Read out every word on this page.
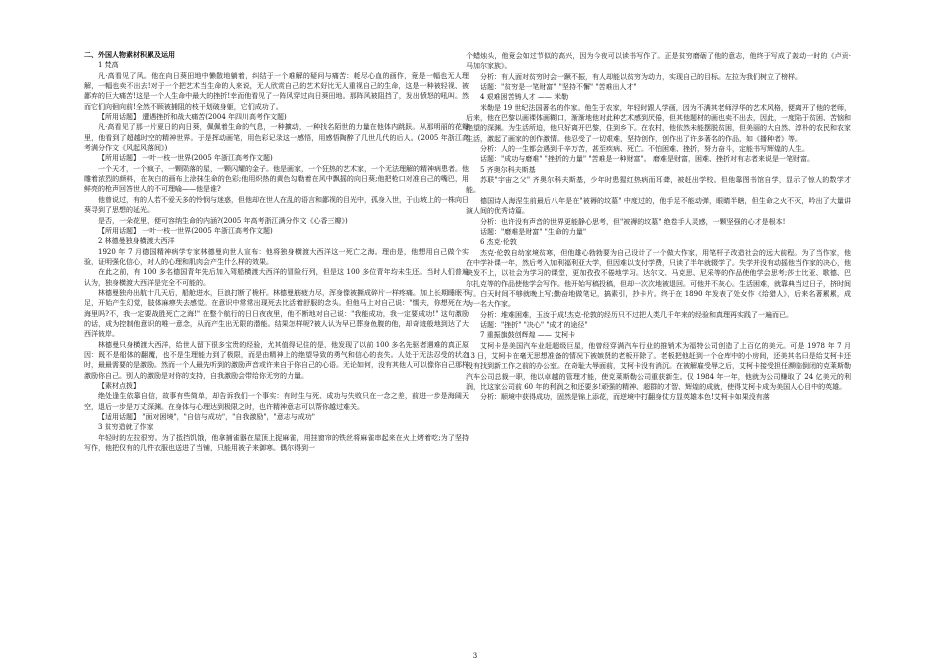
二、外国人物素材积累及运用

1 梵高

凡·高看见了风。他在向日葵田地中懒散地躺着，纠结于一个难解的疑问与痛苦：耗尽心血的画作，竟是一幅也无人理解，一幅也卖不出去!对于一个把艺术当生命的人来说，无人欣赏自己的艺术好比无人重视自己的生命，这是一种被轻视、被鄙弃的巨大痛苦!这是一个人生命中最大的挫折!幸而他看见了一阵风穿过向日葵田地。那阵风被阻挡了，发出愤怒的吼叫。然而它们向徊向前!全然不顾被捕阻的枝干划破身躯，它们成功了。

【所用话题】 遭遇挫折和战大痛苦(2004 年四川高考作文题)

凡·高看见了那一片夏日的向日葵，佩佩着生命的气息，一种擴动，一种找名陌世的力量在他体内跳跃。从那明丽的花瓣里，他看到了超越时空的精神世界。于是挥动画笔，用色彩记录这一感悟，用感悟陶醉了几世几代的后人。(2005 年浙江高考满分作文《风起风落间》)

【所用话题】 一叶一枝一世界(2005 年浙江高考作文题)

一个天才，一个疯子，一颗陨落的星，一颗闪耀的金子。他是画家，一个狂热的艺术家，一个无法理解的精神病患者。他雕着浓烈的颜料，在灰白的画布上涂抹生命的色彩;他用炽热的黄色勾勒着在风中飘摇的向日葵;他把枪口对准自己的嘴巴，用鲜亮的枪声回答世人的不可理喻——他是谁?

他曾说过，有的人若不爱天多的怜悯与迷惑，但他却在世人在乱的语言和鄙视的目光中，孤身入世，于山坡上的一株向日葵寻到了思想的延光。

是否，一朵花里，便可容纳生命的内涵?(2005 年高考浙江满分作文《心香三瓣》)

【所用话题】 一叶一枝一世界(2005 年浙江高考作文题)

2 林德曼独身横渡大西洋

1920 年 7 月德国精神病学专家林德曼向世人宣布：他将独身横渡大西洋这一死亡之海。理由是，他想用自己做个实验，证明强化信心，对人的心理和肌肉会产生什么样的效果。

在此之前，有 100 多名德国青年先后加入驾船横渡大西洋的冒险行列，但是这 100 多位青年均未生还。当时人们普遍认为，独身横渡大西洋是完全不可能的。

林德曼独舟出航十几天后，船舱进水，巨浪打断了桅杆。林德曼筋疲力尽，浑身像被撕成碎片一样疼痛。加上长期睡眠不足，开始产生幻觉，肢体麻痹失去感觉。在意识中常常出现死去比活着舒服的念头。但他马上对自己说："懦夫，你想死在大海里吗?不，我一定要战胜死亡之海!" 在整个航行的日日夜夜里，他不断地对自己说："我能成功，我一定要成功!" 这句激励的话，成为控制他意识的唯一意念，从而产生出无限的潜能。结果怎样呢?被人认为早已葬身鱼腹的他，却奇迹般地到达了大西洋彼岸。

林德曼只身横渡大西洋，给世人留下很多宝贵的经验，尤其值得记住的是，他发现了以前 100 多名先驱者遇难的真正原因：既不是船体的翻覆，也不是生理能力到了极限，而是由精神上的绝望导致的勇气和信心的丧失。人处于无法忍受的状态时，最最需要的是激励。然而一个人最先听到的激励声音或许来自于你自己的心语。无论如何，没有其他人可以像你自己那样激励你自己。别人的激励是对你的支持，自我激励会带给你无穷的力量。

【素材点拨】

绝处逢生依靠自信，故事有些简单，却告诉我们一个事实：有时生与死、成功与失败只在一念之差，前进一步是海阔天空，退后一步是万丈深渊。在身体与心理达到极限之时，也许精神意志可以帮你越过难关。

【适用话题】 "面对困境"，"自信与成功"，"自我激励"，"意志与成功"

3 贫穷造就了作家

年轻时的左拉很穷。为了抵挡饥饿，他拿捕雀器在屋顶上捉麻雀，用挂窗帘的铁丝将麻雀串起来在火上烤着吃;为了坚持写作，他把仅有的几件衣服也送进了当铺，只能用被子来御寒。偶尔得到一

个蜡烛头，他竟会如过节似的高兴，因为今夜可以读书写作了。正是贫穷磨砺了他的意志，他终于写成了轰动一时的《卢贡·马加尔家族》。

分析：有人面对贫穷时会一蹶不振，有人却能以贫穷为动力，实现自己的目标。左拉为我们树立了榜样。

话题："贫穷是一笔财富" "坚持不懈" "苦难出人才"

4 艰难困苦铸人才 —— 米勒

米勒是 19 世纪法国著名的作家。他生于农家，年轻时跟人学画，因为不满其老师浮华的艺术风格，便离开了他的老师，后来，他在巴黎以画裸体画糊口，渐渐地他对此种艺术感到厌倦，但其他题材的画也卖不出去，因此，一度陷于贫困、苦恼和绝望的深渊。为生活所迫，他只好离开巴黎，住到乡下。在农村，他依然未能摆脱贫困，但美丽的大自然、淳朴的农民和农家生活，激起了画家的创作激情。他忍受了一切艰难，坚持创作，创作出了许多著名的作品，如《播种者》等。

分析：人的一生都会遇到千辛万苦，甚至疾病、死亡。不怕困难、挫折，努力奋斗，定能书写辉煌的人生。

话题："成功与磨难" "挫折的力量" "苦难是一种财富"。 磨难是财富，困难、挫折对有志者来说是一笔财富。

5 齐奥尔科夫斯基

苏联"宇宙之父" 齐奥尔科夫斯基，少年时患猩红热病而耳聋，被赶出学校。但他靠图书馆自学，显示了惊人的数学才能。

德国诗人海涅生前最后八年是在"被褥的坟墓" 中度过的，他手足不能动弹，眼睛半瞎，但生命之火不灭，吟出了大量讲演人间的优秀诗篇。

分析：也许没有声音的世界更能静心思考，但"被褥的坟墓" 绝卷手人灵感，一颗坚强的心才是根本!

话题："磨难是财富" "生命的力量"

6 杰克·伦敦

杰克·伦敦自幼家境贫寒，但他雄心勃勃要为自己设计了一个做大作家，用笔杆子改造社会的远大前程。为了当作家，他在中学补课一年，然后考入加利福利亚大学，但因难以支付学费，只读了半年就辍学了。失学并没有动摇他当作家的决心，他决发不上，以社会为学习的课堂，更加孜孜不倦地学习。达尔文、马克思、尼采等的作品使他学会思考;莎士比亚、歌德、巴尔扎克等的作品使他学会写作。他开始写稿投稿，但却一次次地被退回。可他并不灰心。生活困难，就靠典当过日子，挤时间写。白天时间不够就晚上写;勤奋地做笔记，搞素引，抄卡片。终于在 1890 年发表了处女作《给猎人》，后来名著累累，成为一名大作家。

分析：堆难困难，玉汝于成!杰克·伦敦的经历只不过把人类几千年来的经验和真理再实践了一遍而已。

话题："挫折" "决心" "成才的途径"

7 重振旗鼓创辉煌 —— 艾柯卡

艾柯卡是美国汽车业赶超级巨星，他曾经穿满汽车行业的推销术为福特公司创造了上百亿的美元。可是 1978 年 7 月 13 日，艾柯卡在毫无思想准备的情况下被嫉贤的老板开除了。老板把他赶到一个仓库中的小房间，还美其名曰是给艾柯卡还没有找到新工作之前的办公室。在奇耻大辱面前，艾柯卡没有消沉。在被解雇受辱之后，艾柯卡接受担任濒临倒闭的克莱斯勒汽车公司总裁一职，他以卓越的管理才能，使克莱斯勒公司重获新生。仅 1984 年一年，他就为公司赚取了 24 亿美元的利润，比这家公司前 60 年的利润之和还要多!顽强的精神、超群的才智、辉煌的成就，使得艾柯卡成为美国人心目中的英雄。

分析：顺境中获得成功，固然是锦上添花，而逆境中打翻身仗方显英雄本色!艾柯卡如果没有落

3
